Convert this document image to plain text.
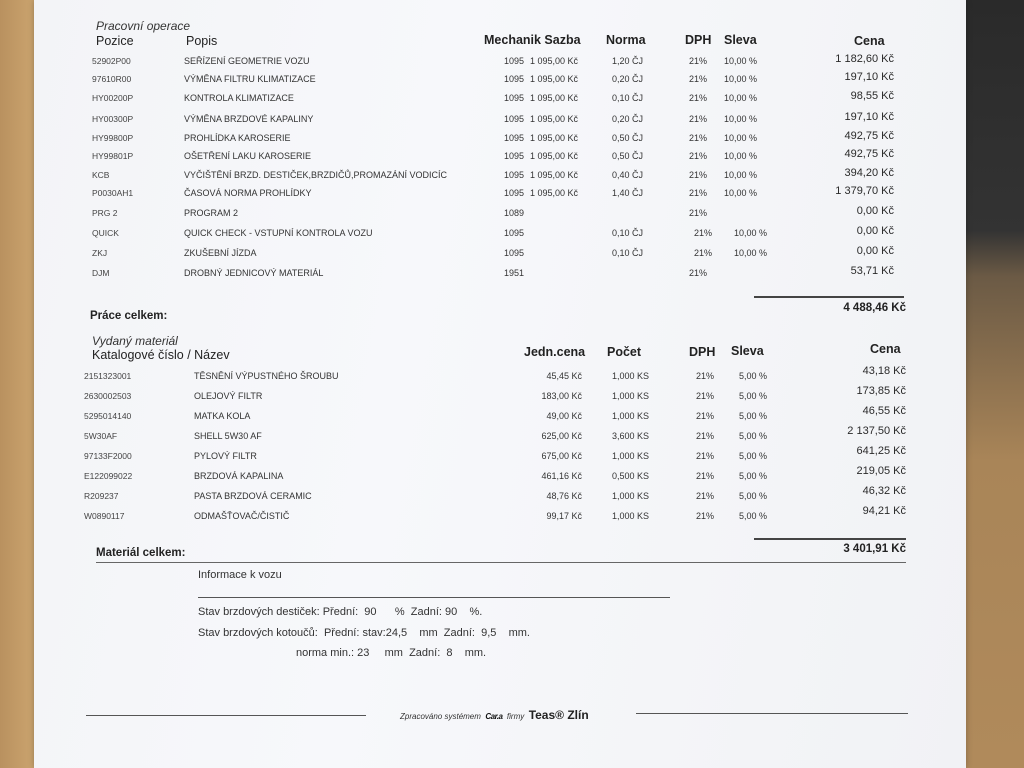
Pracovní operace
Pozice	Popis	Mechanik Sazba Norma	DPH Sleva	Cena
52902P00	SEŘÍZENÍ GEOMETRIE VOZU	1095 1 095,00 Kč	1,20 ČJ	21% 10,00 %	1 182,60 Kč
97610R00	VÝMĚNA FILTRU KLIMATIZACE	1095 1 095,00 Kč	0,20 ČJ	21% 10,00 %	197,10 Kč
HY00200P	KONTROLA KLIMATIZACE	1095 1 095,00 Kč	0,10 ČJ	21% 10,00 %	98,55 Kč
HY00300P	VÝMĚNA BRZDOVÉ KAPALINY	1095 1 095,00 Kč	0,20 ČJ	21% 10,00 %	197,10 Kč
HY99800P	PROHLÍDKA KAROSERIE	1095 1 095,00 Kč	0,50 ČJ	21% 10,00 %	492,75 Kč
HY99801P	OŠETŘENÍ LAKU KAROSERIE	1095 1 095,00 Kč	0,50 ČJ	21% 10,00 %	492,75 Kč
KCB	VYČIŠTĚNÍ BRZD. DESTIČEK,BRZDIČŮ,PROMAZÁNÍ VODICÍC	1095 1 095,00 Kč	0,40 ČJ	21% 10,00 %	394,20 Kč
P0030AH1	ČASOVÁ NORMA PROHLÍDKY	1095 1 095,00 Kč	1,40 ČJ	21% 10,00 %	1 379,70 Kč
PRG 2	PROGRAM 2	1089	21%	0,00 Kč
QUICK	QUICK CHECK - VSTUPNÍ KONTROLA VOZU	1095	0,10 ČJ	21% 10,00 %	0,00 Kč
ZKJ	ZKUŠEBNÍ JÍZDA	1095	0,10 ČJ	21% 10,00 %	0,00 Kč
DJM	DROBNÝ JEDNICOVÝ MATERIÁL	1951	21%	53,71 Kč
Práce celkem:
4 488,46 Kč
Vydaný materiál
Katalogové číslo / Název	Jedn.cena Počet	DPH Sleva	Cena
2151323001	TĚSNĚNÍ VÝPUSTNÉHO ŠROUBU	45,45 Kč	1,000 KS	21%	5,00 %	43,18 Kč
2630002503	OLEJOVÝ FILTR	183,00 Kč	1,000 KS	21%	5,00 %	173,85 Kč
5295014140	MATKA KOLA	49,00 Kč	1,000 KS	21%	5,00 %	46,55 Kč
5W30AF	SHELL 5W30 AF	625,00 Kč	3,600 KS	21%	5,00 %	2 137,50 Kč
97133F2000	PYLOVÝ FILTR	675,00 Kč	1,000 KS	21%	5,00 %	641,25 Kč
E122099022	BRZDOVÁ KAPALINA	461,16 Kč	0,500 KS	21%	5,00 %	219,05 Kč
R209237	PASTA BRZDOVÁ CERAMIC	48,76 Kč	1,000 KS	21%	5,00 %	46,32 Kč
W0890117	ODMAŠŤOVAČ/ČISTIČ	99,17 Kč	1,000 KS	21%	5,00 %	94,21 Kč
Materiál celkem:	3 401,91 Kč
Informace k vozu
Stav brzdových destiček: Přední:  90      %  Zadní: 90    %.
Stav brzdových kotoučů:  Přední: stav:24,5    mm  Zadní:  9,5    mm.
norma min.: 23     mm  Zadní:  8    mm.
Zpracováno systémem Car.a firmy Teas® Zlín
